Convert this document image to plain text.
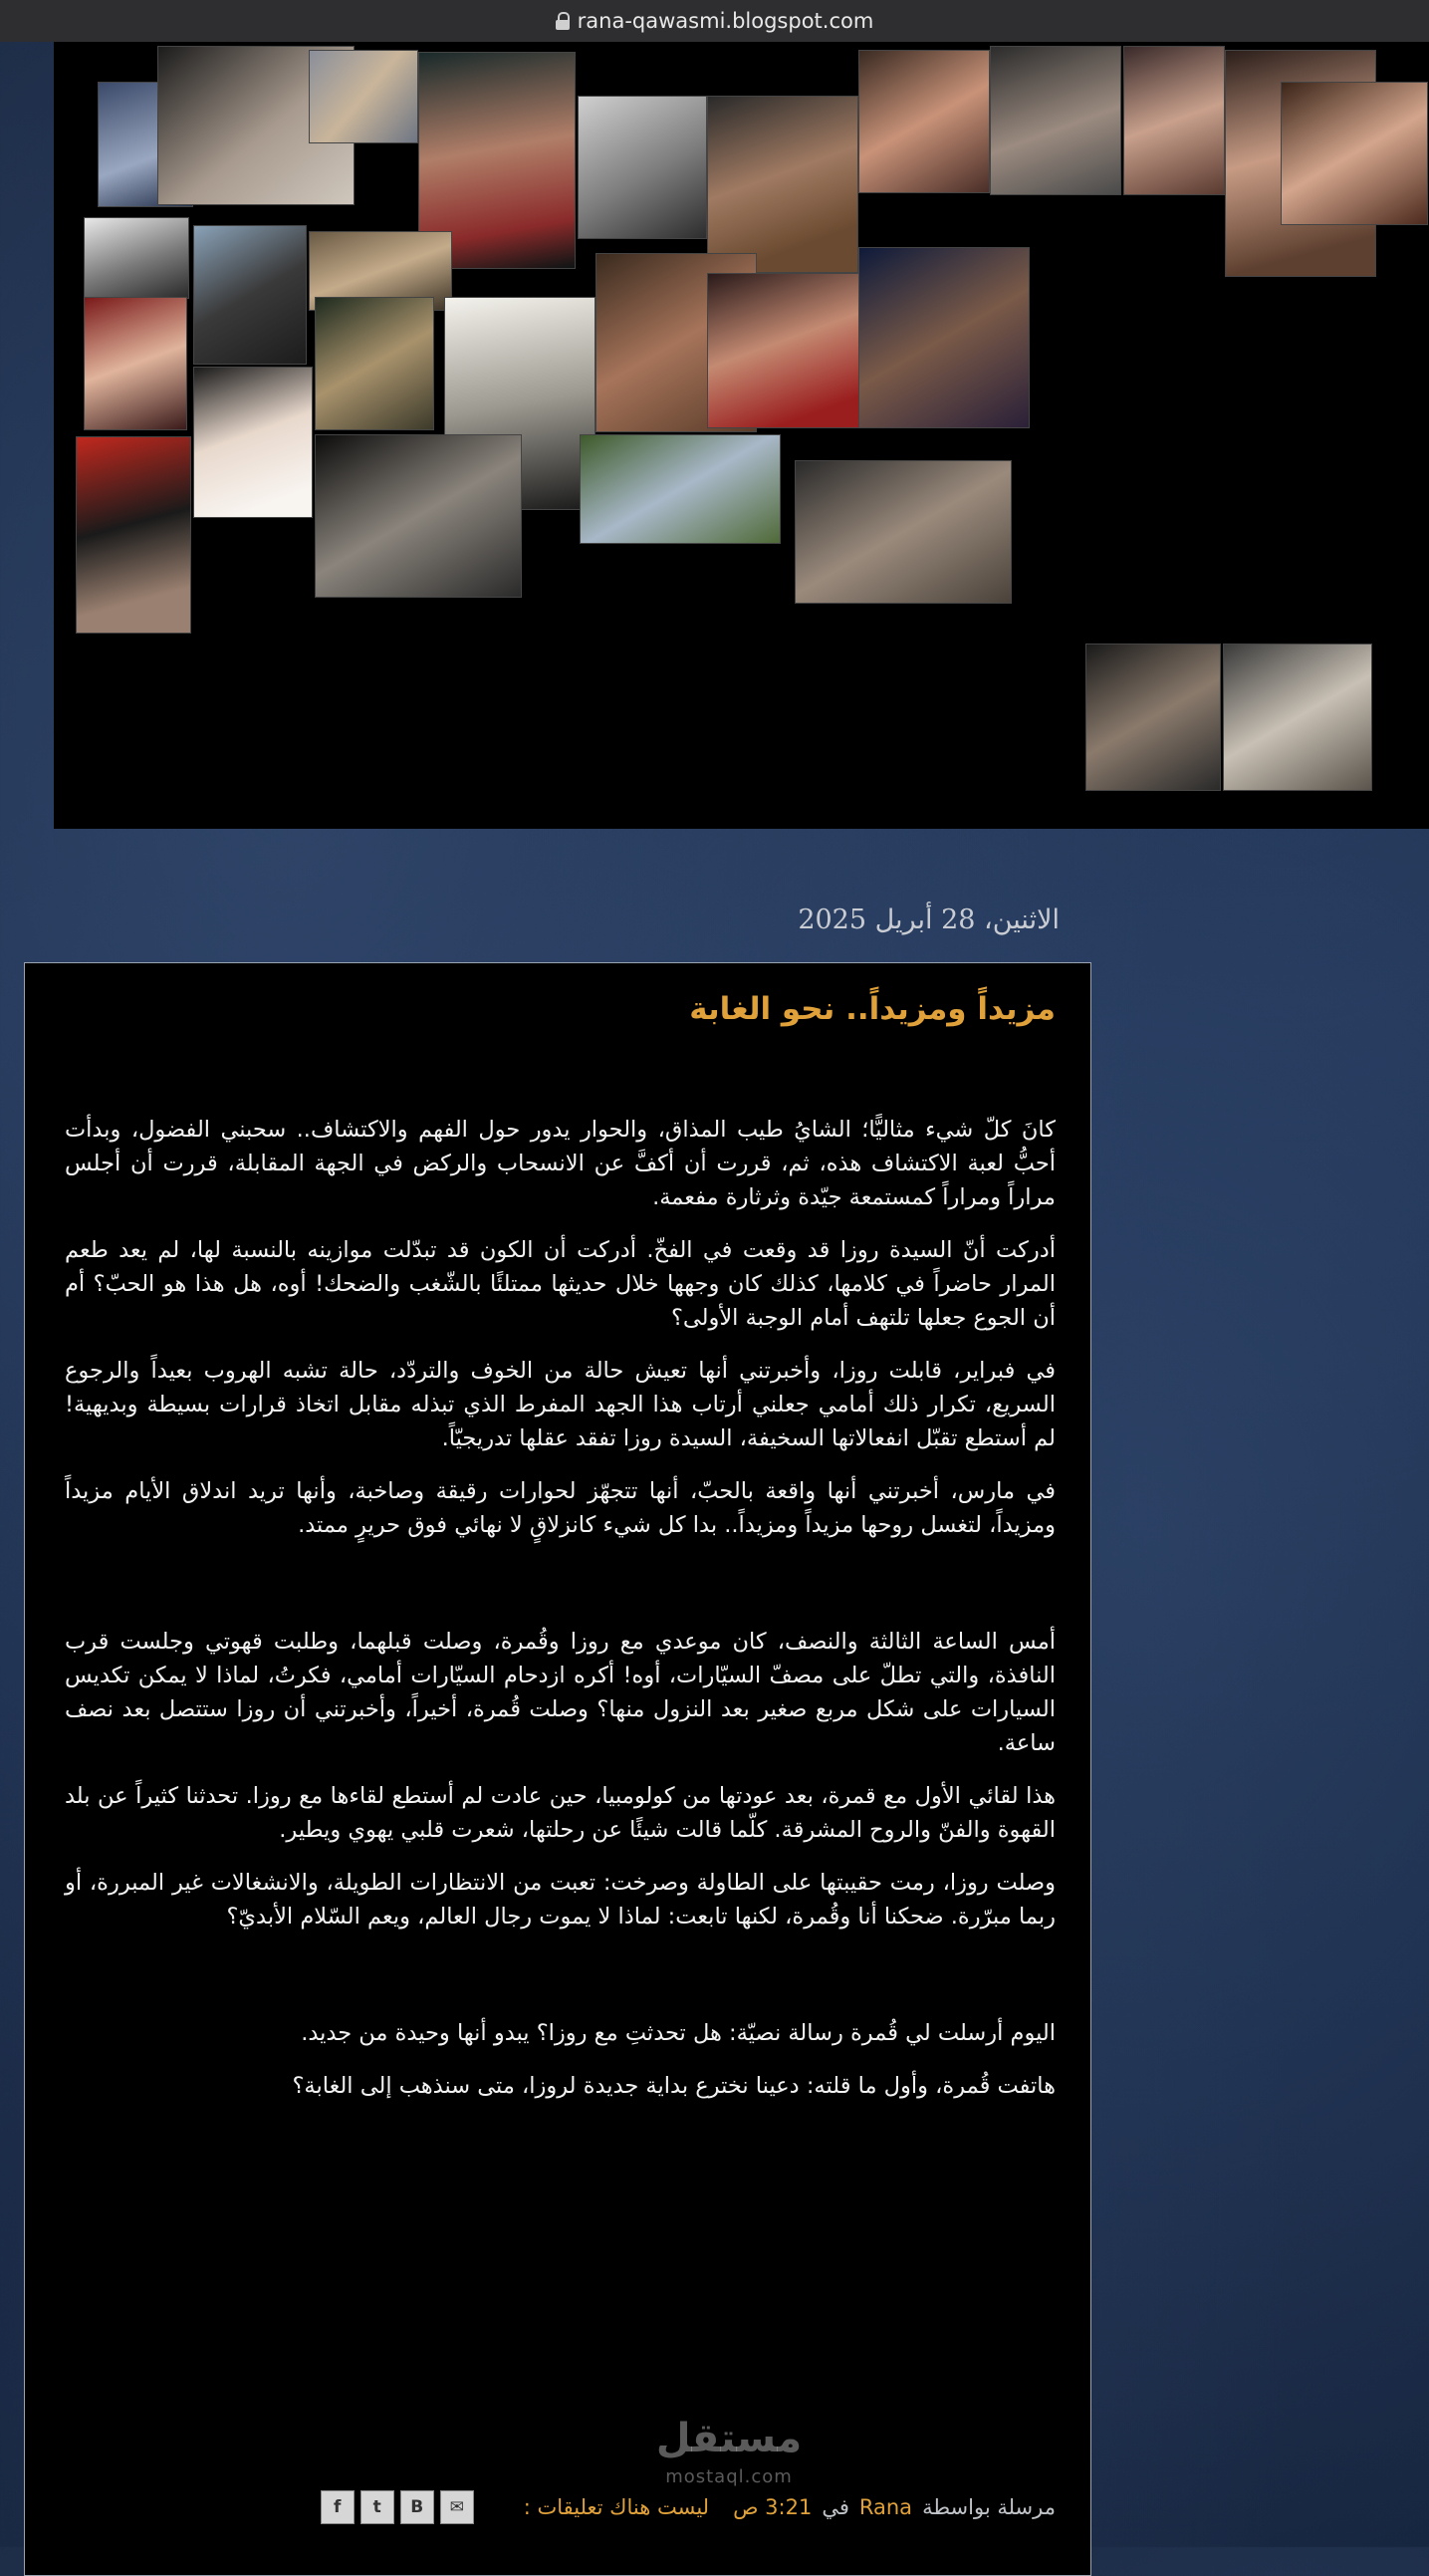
rana-qawasmi.blogspot.com
الاثنين، 28 أبريل 2025
مزيداً ومزيداً.. نحو الغابة

كانَ كلّ شيء مثاليًّا؛ الشايُ طيب المذاق، والحوار يدور حول الفهم والاكتشاف.. سحبني الفضول، وبدأت أحبُّ لعبة الاكتشاف هذه، ثم، قررت أن أكفَّ عن الانسحاب والركض في الجهة المقابلة، قررت أن أجلس مراراً ومراراً كمستمعة جيّدة وثرثارة مفعمة.

أدركت أنّ السيدة روزا قد وقعت في الفخّ. أدركت أن الكون قد تبدّلت موازينه بالنسبة لها، لم يعد طعم المرار حاضراً في كلامها، كذلك كان وجهها خلال حديثها ممتلئًا بالشّغب والضحك! أوه، هل هذا هو الحبّ؟ أم أن الجوع جعلها تلتهف أمام الوجبة الأولى؟

في فبراير، قابلت روزا، وأخبرتني أنها تعيش حالة من الخوف والتردّد، حالة تشبه الهروب بعيداً والرجوع السريع، تكرار ذلك أمامي جعلني أرتاب هذا الجهد المفرط الذي تبذله مقابل اتخاذ قرارات بسيطة وبديهية! لم أستطع تقبّل انفعالاتها السخيفة، السيدة روزا تفقد عقلها تدريجيّاً.

في مارس، أخبرتني أنها واقعة بالحبّ، أنها تتجهّز لحوارات رقيقة وصاخبة، وأنها تريد اندلاق الأيام مزيداً ومزيداً، لتغسل روحها مزيداً ومزيداً.. بدا كل شيء كانزلاقٍ لا نهائي فوق حريرٍ ممتد.

أمس الساعة الثالثة والنصف، كان موعدي مع روزا وقُمرة، وصلت قبلهما، وطلبت قهوتي وجلست قرب النافذة، والتي تطلّ على مصفّ السيّارات، أوه! أكره ازدحام السيّارات أمامي، فكرتُ، لماذا لا يمكن تكديس السيارات على شكل مربع صغير بعد النزول منها؟ وصلت قُمرة، أخيراً، وأخبرتني أن روزا ستتصل بعد نصف ساعة.

هذا لقائي الأول مع قمرة، بعد عودتها من كولومبيا، حين عادت لم أستطع لقاءها مع روزا. تحدثنا كثيراً عن بلد القهوة والفنّ والروح المشرقة. كلّما قالت شيئًا عن رحلتها، شعرت قلبي يهوي ويطير.

وصلت روزا، رمت حقيبتها على الطاولة وصرخت: تعبت من الانتظارات الطويلة، والانشغالات غير المبررة، أو ربما مبرّرة. ضحكنا أنا وقُمرة، لكنها تابعت: لماذا لا يموت رجال العالم، ويعم السّلام الأبديّ؟

اليوم أرسلت لي قُمرة رسالة نصيّة: هل تحدثتِ مع روزا؟ يبدو أنها وحيدة من جديد.

هاتفت قُمرة، وأول ما قلته: دعينا نخترع بداية جديدة لروزا، متى سنذهب إلى الغابة؟

مرسلة بواسطة
Rana
في
3:21 ص
ليست هناك تعليقات :
f	t	B	✉
مستقل
mostaql.com
